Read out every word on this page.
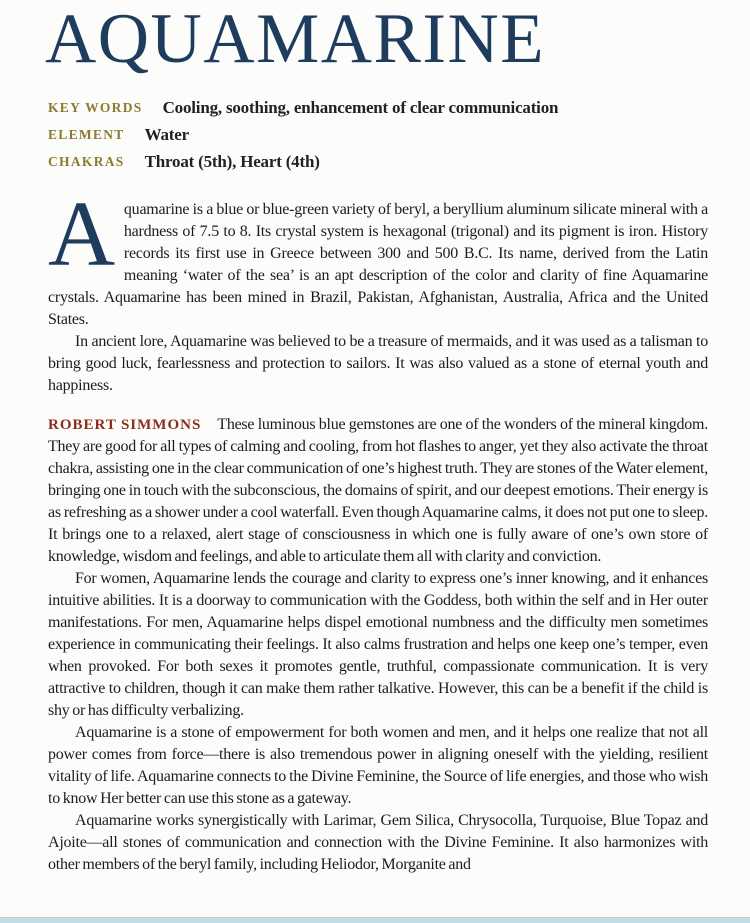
AQUAMARINE
KEY WORDS Cooling, soothing, enhancement of clear communication
ELEMENT Water
CHAKRAS Throat (5th), Heart (4th)

Aquamarine is a blue or blue-green variety of beryl, a beryllium aluminum silicate mineral with a hardness of 7.5 to 8. Its crystal system is hexagonal (trigonal) and its pigment is iron. History records its first use in Greece between 300 and 500 B.C. Its name, derived from the Latin meaning ‘water of the sea’ is an apt description of the color and clarity of fine Aquamarine crystals. Aquamarine has been mined in Brazil, Pakistan, Afghanistan, Australia, Africa and the United States.

In ancient lore, Aquamarine was believed to be a treasure of mermaids, and it was used as a talisman to bring good luck, fearlessness and protection to sailors. It was also valued as a stone of eternal youth and happiness.

ROBERT SIMMONS These luminous blue gemstones are one of the wonders of the mineral kingdom. They are good for all types of calming and cooling, from hot flashes to anger, yet they also activate the throat chakra, assisting one in the clear communication of one’s highest truth. They are stones of the Water element, bringing one in touch with the subconscious, the domains of spirit, and our deepest emotions. Their energy is as refreshing as a shower under a cool waterfall. Even though Aquamarine calms, it does not put one to sleep. It brings one to a relaxed, alert stage of consciousness in which one is fully aware of one’s own store of knowledge, wisdom and feelings, and able to articulate them all with clarity and conviction.

For women, Aquamarine lends the courage and clarity to express one’s inner knowing, and it enhances intuitive abilities. It is a doorway to communication with the Goddess, both within the self and in Her outer manifestations. For men, Aquamarine helps dispel emotional numbness and the difficulty men sometimes experience in communicating their feelings. It also calms frustration and helps one keep one’s temper, even when provoked. For both sexes it promotes gentle, truthful, compassionate communication. It is very attractive to children, though it can make them rather talkative. However, this can be a benefit if the child is shy or has difficulty verbalizing.

Aquamarine is a stone of empowerment for both women and men, and it helps one realize that not all power comes from force—there is also tremendous power in aligning oneself with the yielding, resilient vitality of life. Aquamarine connects to the Divine Feminine, the Source of life energies, and those who wish to know Her better can use this stone as a gateway.

Aquamarine works synergistically with Larimar, Gem Silica, Chrysocolla, Turquoise, Blue Topaz and Ajoite—all stones of communication and connection with the Divine Feminine. It also harmonizes with other members of the beryl family, including Heliodor, Morganite and
